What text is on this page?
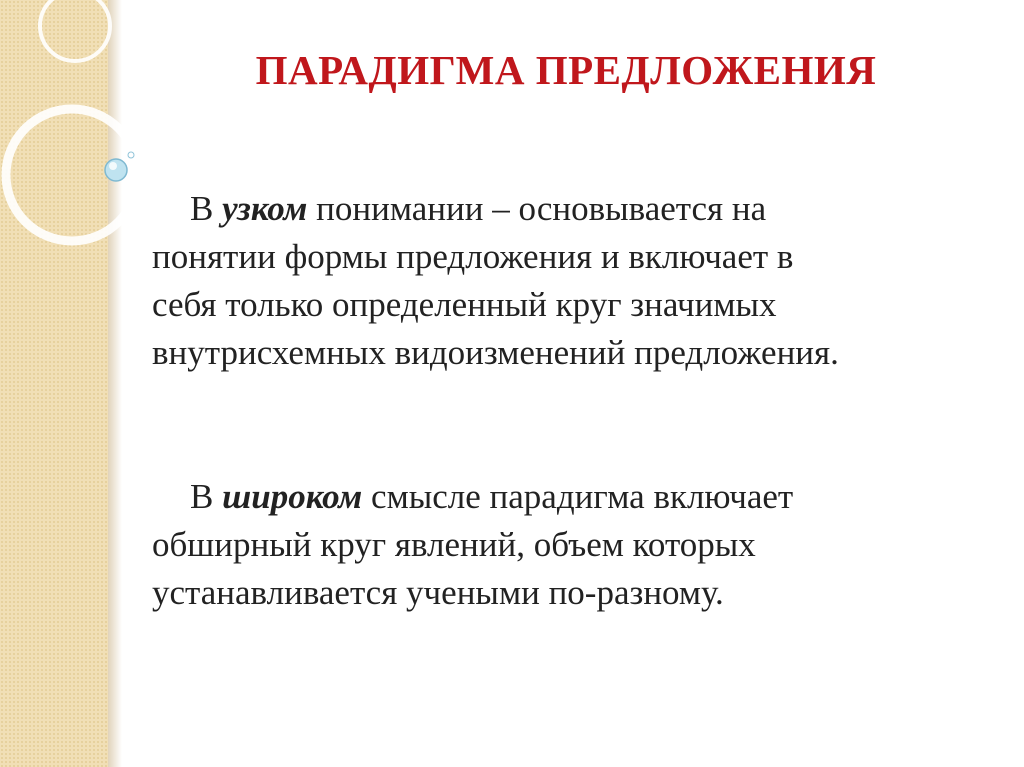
ПАРАДИГМА ПРЕДЛОЖЕНИЯ
В узком понимании – основывается на
понятии формы предложения и включает в
себя только определенный круг значимых
внутрисхемных видоизменений предложения.
В широком смысле парадигма включает
обширный круг явлений, объем которых
устанавливается учеными по-разному.
